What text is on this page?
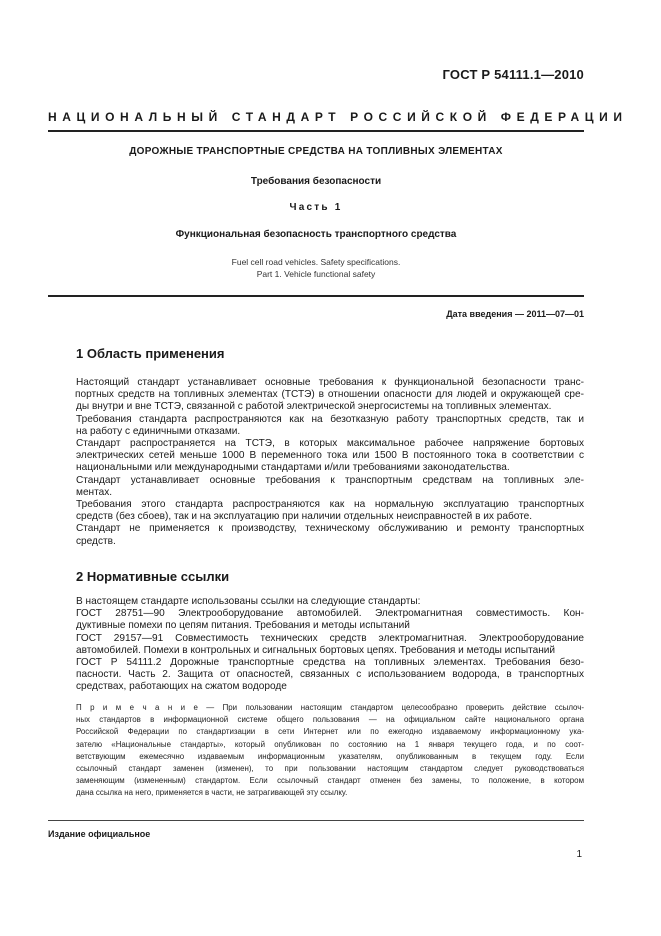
ГОСТ Р 54111.1—2010
НАЦИОНАЛЬНЫЙ СТАНДАРТ РОССИЙСКОЙ ФЕДЕРАЦИИ
ДОРОЖНЫЕ ТРАНСПОРТНЫЕ СРЕДСТВА НА ТОПЛИВНЫХ ЭЛЕМЕНТАХ
Требования безопасности
Часть 1
Функциональная безопасность транспортного средства
Fuel cell road vehicles. Safety specifications.
Part 1. Vehicle functional safety
Дата введения — 2011—07—01
1 Область применения
Настоящий стандарт устанавливает основные требования к функциональной безопасности транс-
портных средств на топливных элементах (ТСТЭ) в отношении опасности для людей и окружающей сре-
ды внутри и вне ТСТЭ, связанной с работой электрической энергосистемы на топливных элементах.
Требования стандарта распространяются как на безотказную работу транспортных средств, так и
на работу с единичными отказами.
Стандарт распространяется на ТСТЭ, в которых максимальное рабочее напряжение бортовых
электрических сетей меньше 1000 В переменного тока или 1500 В постоянного тока в соответствии с
национальными или международными стандартами и/или требованиями законодательства.
Стандарт устанавливает основные требования к транспортным средствам на топливных эле-
ментах.
Требования этого стандарта распространяются как на нормальную эксплуатацию транспортных
средств (без сбоев), так и на эксплуатацию при наличии отдельных неисправностей в их работе.
Стандарт не применяется к производству, техническому обслуживанию и ремонту транспортных
средств.
2 Нормативные ссылки
В настоящем стандарте использованы ссылки на следующие стандарты:
ГОСТ 28751—90 Электрооборудование автомобилей. Электромагнитная совместимость. Кон-
дуктивные помехи по цепям питания. Требования и методы испытаний
ГОСТ 29157—91 Совместимость технических средств электромагнитная. Электрооборудование
автомобилей. Помехи в контрольных и сигнальных бортовых цепях. Требования и методы испытаний
ГОСТ Р 54111.2 Дорожные транспортные средства на топливных элементах. Требования безо-
пасности. Часть 2. Защита от опасностей, связанных с использованием водорода, в транспортных
средствах, работающих на сжатом водороде
П р и м е ч а н и е — При пользовании настоящим стандартом целесообразно проверить действие ссылоч-
ных стандартов в информационной системе общего пользования — на официальном сайте национального органа
Российской Федерации по стандартизации в сети Интернет или по ежегодно издаваемому информационному ука-
зателю «Национальные стандарты», который опубликован по состоянию на 1 января текущего года, и по соот-
ветствующим ежемесячно издаваемым информационным указателям, опубликованным в текущем году. Если
ссылочный стандарт заменен (изменен), то при пользовании настоящим стандартом следует руководствоваться
заменяющим (измененным) стандартом. Если ссылочный стандарт отменен без замены, то положение, в котором
дана ссылка на него, применяется в части, не затрагивающей эту ссылку.
Издание официальное
1
